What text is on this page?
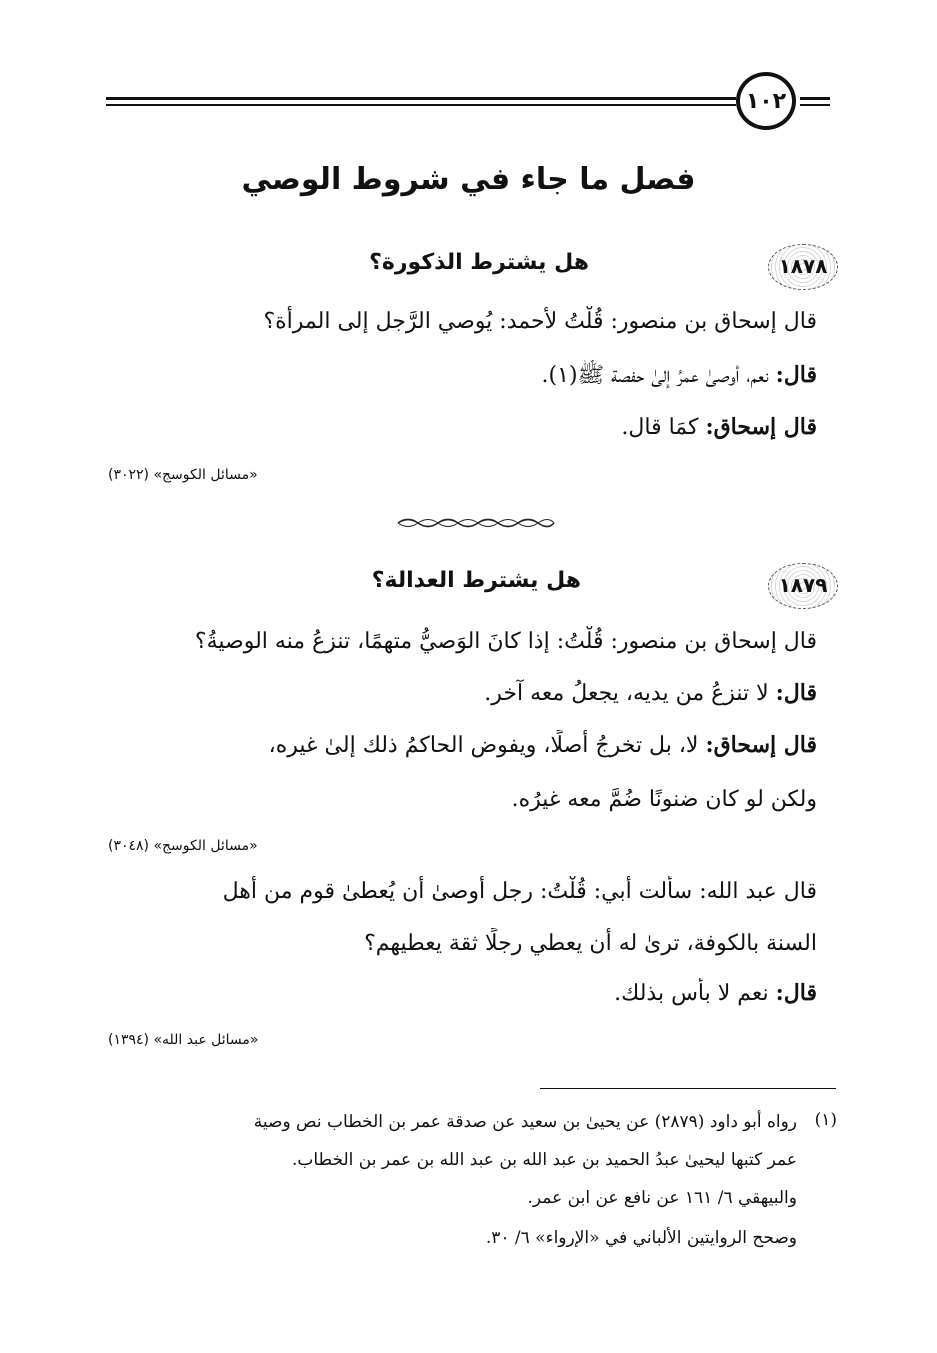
١٠٢
فصل ما جاء في شروط الوصي
١٨٧٨
هل يشترط الذكورة؟
قال إسحاق بن منصور: قُلْتُ لأحمد: يُوصي الرَّجل إلى المرأة؟
قال: نعم، أوصىٰ عمرُ إلىٰ حفصة ﷺ(١).
قال إسحاق: كمَا قال.
«مسائل الكوسج» (٣٠٢٢)
١٨٧٩
هل يشترط العدالة؟
قال إسحاق بن منصور: قُلْتُ: إذا كانَ الوَصيُّ متهمًا، تنزعُ منه الوصيةُ؟
قال: لا تنزعُ من يديه، يجعلُ معه آخر.
قال إسحاق: لا، بل تخرجُ أصلًا، ويفوض الحاكمُ ذلك إلىٰ غيره،
ولكن لو كان ضنونًا ضُمَّ معه غيرُه.
«مسائل الكوسج» (٣٠٤٨)
قال عبد الله: سألت أبي: قُلْتُ: رجل أوصىٰ أن يُعطىٰ قوم من أهل
السنة بالكوفة، ترىٰ له أن يعطي رجلًا ثقة يعطيهم؟
قال: نعم لا بأس بذلك.
«مسائل عبد الله» (١٣٩٤)
(١)
رواه أبو داود (٢٨٧٩) عن يحيىٰ بن سعيد عن صدقة عمر بن الخطاب نص وصية
عمر كتبها ليحيىٰ عبدُ الحميد بن عبد الله بن عبد الله بن عمر بن الخطاب.
والبيهقي ٦/ ١٦١ عن نافع عن ابن عمر.
وصحح الروايتين الألباني في «الإرواء» ٦/ ٣٠.
